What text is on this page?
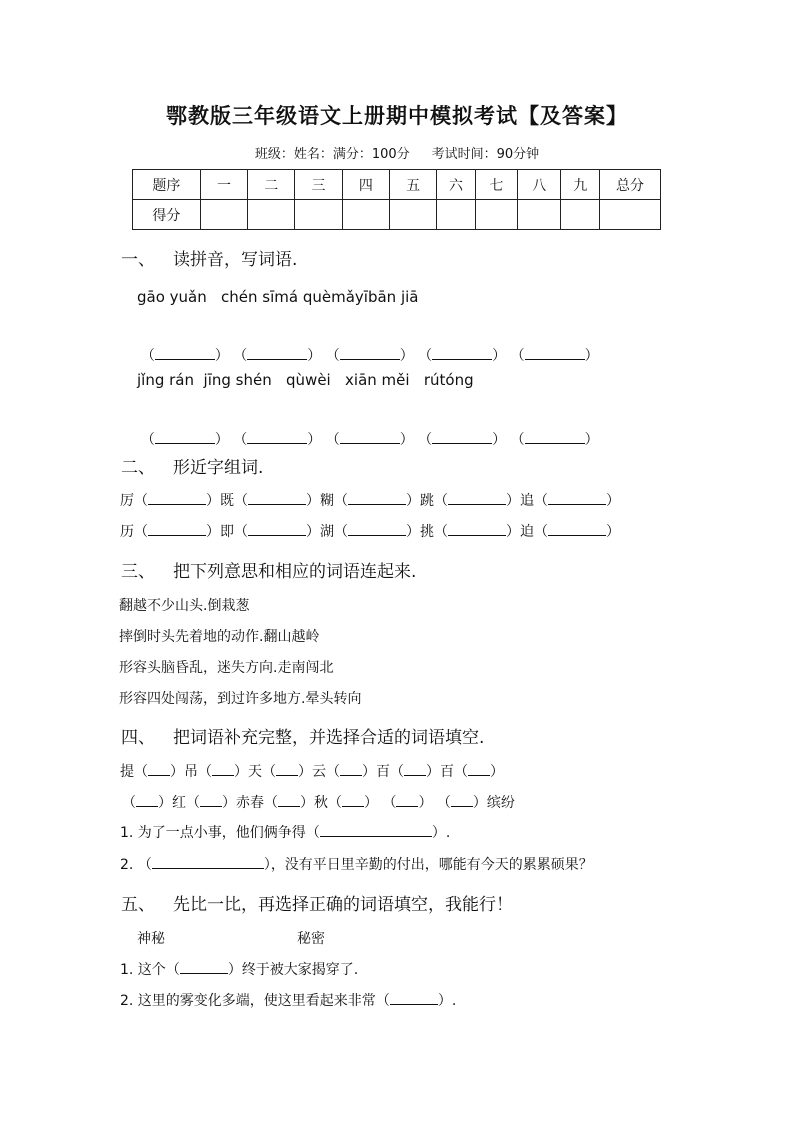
鄂教版三年级语文上册期中模拟考试【及答案】
班级：姓名：满分：100分 考试时间：90分钟
题序	一	二	三	四	五	六	七	八	九	总分
得分										
一、 读拼音，写词语.
gāo yuǎn   chén sīmá quèmǎyībān jiā

（	） （	） （	） （	） （	）

jǐng rán  jīng shén   qùwèi   xiān měi   rútóng

（	） （	） （	） （	） （	）

二、 形近字组词.
厉（	）既（	）糊（	）跳（	）追（	）
历（	）即（	）湖（	）挑（	）迫（	）
三、 把下列意思和相应的词语连起来.
翻越不少山头.倒栽葱
摔倒时头先着地的动作.翻山越岭
形容头脑昏乱，迷失方向.走南闯北
形容四处闯荡，到过许多地方.晕头转向
四、 把词语补充完整，并选择合适的词语填空.
提（ ）吊（ ）天（ ）云（ ）百（ ）百（ ）
（ ）红（ ）赤春（ ）秋（ ） （ ） （ ）缤纷
1. 为了一点小事，他们俩争得（	）.
2. （	），没有平日里辛勤的付出，哪能有今天的累累硕果？
五、 先比一比，再选择正确的词语填空，我能行！
神秘	秘密
1. 这个（	）终于被大家揭穿了.
2. 这里的雾变化多端，使这里看起来非常（	）.
